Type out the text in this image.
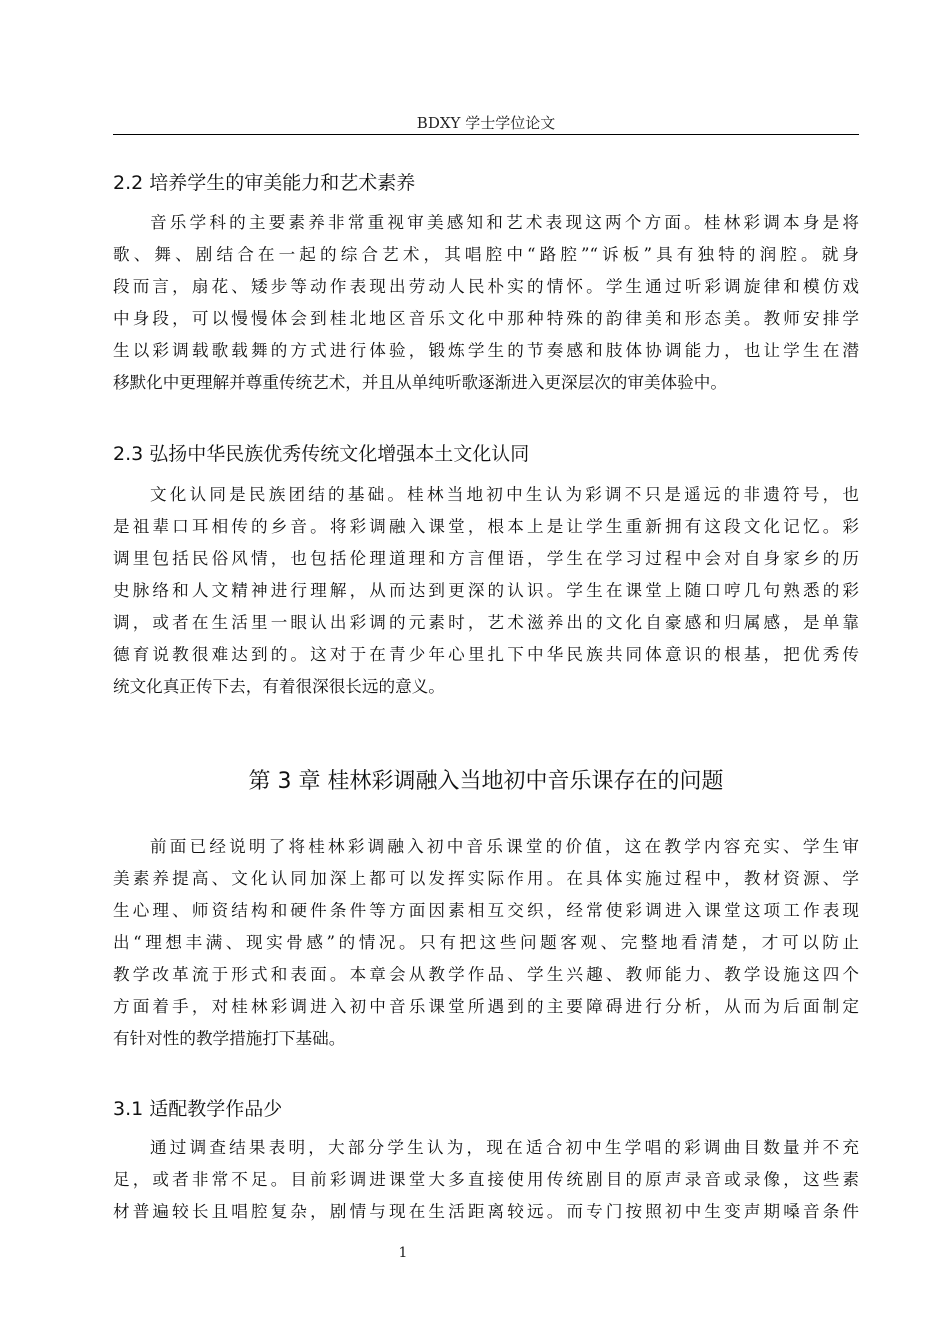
BDXY 学士学位论文
2.2 培养学生的审美能力和艺术素养
音乐学科的主要素养非常重视审美感知和艺术表现这两个方面。桂林彩调本身是将
歌、舞、剧结合在一起的综合艺术，其唱腔中“路腔”“诉板”具有独特的润腔。就身
段而言，扇花、矮步等动作表现出劳动人民朴实的情怀。学生通过听彩调旋律和模仿戏
中身段，可以慢慢体会到桂北地区音乐文化中那种特殊的韵律美和形态美。教师安排学
生以彩调载歌载舞的方式进行体验，锻炼学生的节奏感和肢体协调能力，也让学生在潜
移默化中更理解并尊重传统艺术，并且从单纯听歌逐渐进入更深层次的审美体验中。
2.3 弘扬中华民族优秀传统文化增强本土文化认同
文化认同是民族团结的基础。桂林当地初中生认为彩调不只是遥远的非遗符号，也
是祖辈口耳相传的乡音。将彩调融入课堂，根本上是让学生重新拥有这段文化记忆。彩
调里包括民俗风情，也包括伦理道理和方言俚语，学生在学习过程中会对自身家乡的历
史脉络和人文精神进行理解，从而达到更深的认识。学生在课堂上随口哼几句熟悉的彩
调，或者在生活里一眼认出彩调的元素时，艺术滋养出的文化自豪感和归属感，是单靠
德育说教很难达到的。这对于在青少年心里扎下中华民族共同体意识的根基，把优秀传
统文化真正传下去，有着很深很长远的意义。
第 3 章 桂林彩调融入当地初中音乐课存在的问题
前面已经说明了将桂林彩调融入初中音乐课堂的价值，这在教学内容充实、学生审
美素养提高、文化认同加深上都可以发挥实际作用。在具体实施过程中，教材资源、学
生心理、师资结构和硬件条件等方面因素相互交织，经常使彩调进入课堂这项工作表现
出“理想丰满、现实骨感”的情况。只有把这些问题客观、完整地看清楚，才可以防止
教学改革流于形式和表面。本章会从教学作品、学生兴趣、教师能力、教学设施这四个
方面着手，对桂林彩调进入初中音乐课堂所遇到的主要障碍进行分析，从而为后面制定
有针对性的教学措施打下基础。
3.1 适配教学作品少
通过调查结果表明，大部分学生认为，现在适合初中生学唱的彩调曲目数量并不充
足，或者非常不足。目前彩调进课堂大多直接使用传统剧目的原声录音或录像，这些素
材普遍较长且唱腔复杂，剧情与现在生活距离较远。而专门按照初中生变声期嗓音条件
1
